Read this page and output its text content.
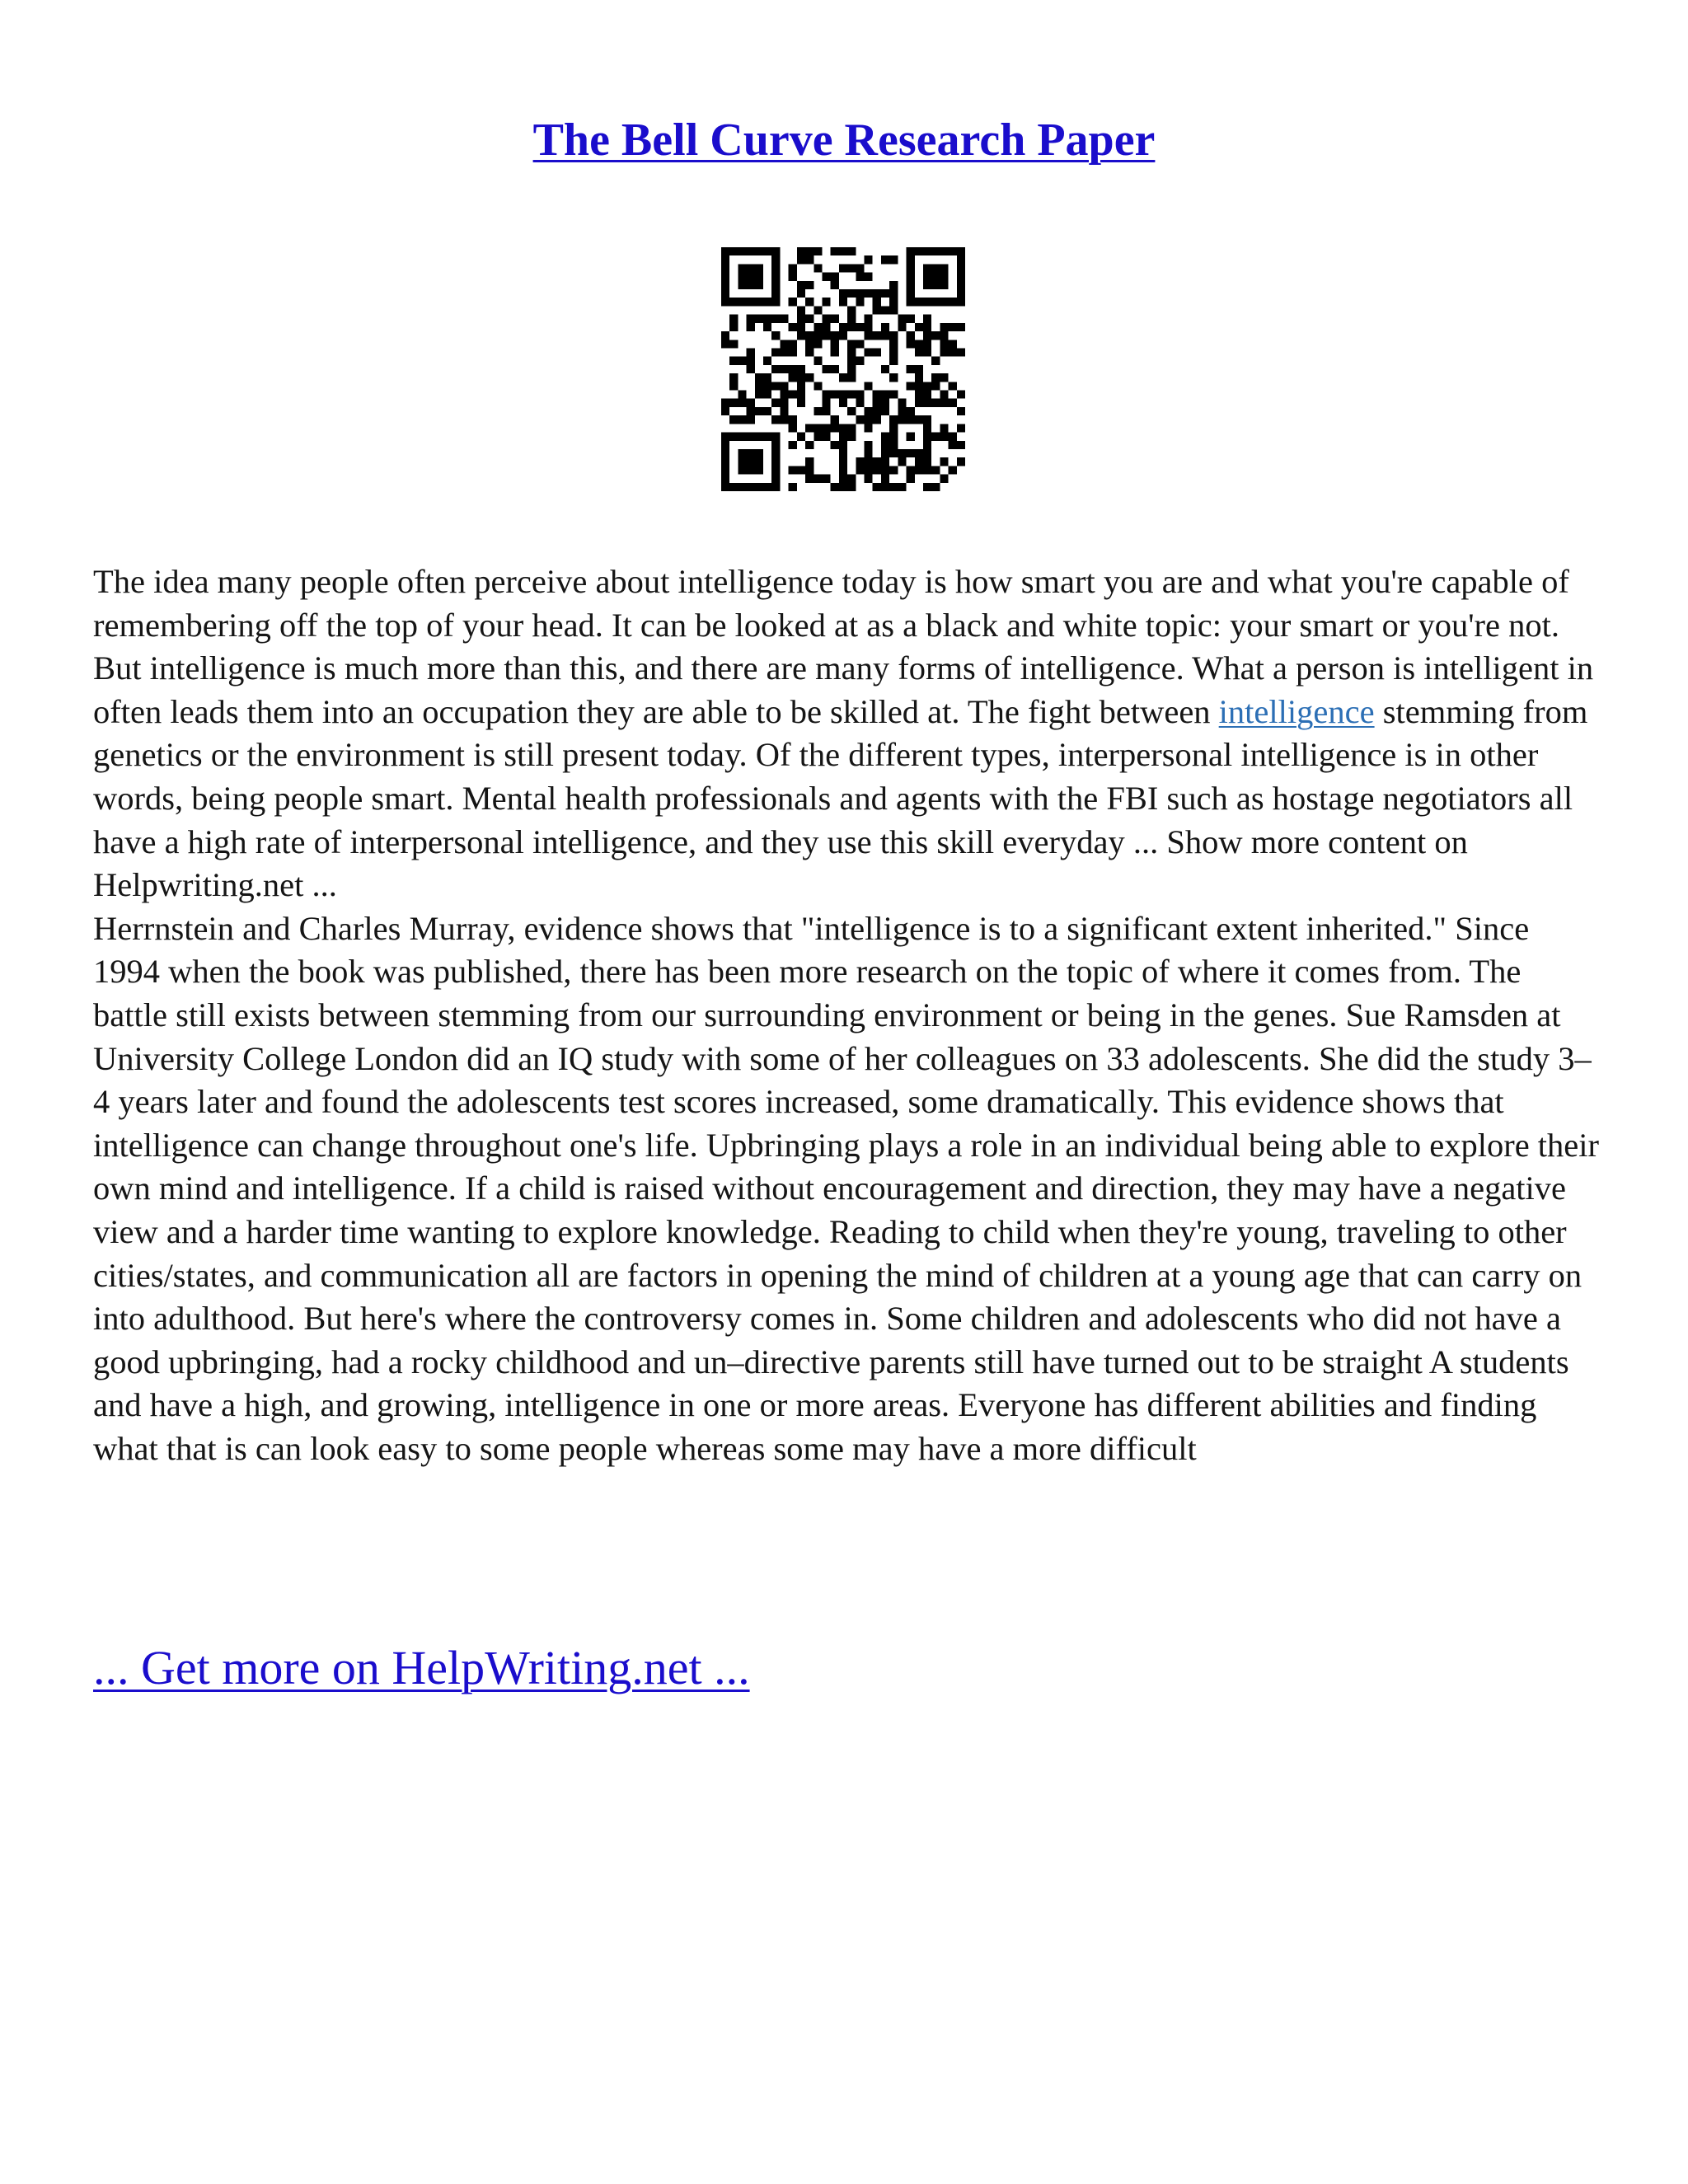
The Bell Curve Research Paper

The idea many people often perceive about intelligence today is how smart you are and what you're capable of remembering off the top of your head. It can be looked at as a black and white topic: your smart or you're not. But intelligence is much more than this, and there are many forms of intelligence. What a person is intelligent in often leads them into an occupation they are able to be skilled at. The fight between intelligence stemming from genetics or the environment is still present today. Of the different types, interpersonal intelligence is in other words, being people smart. Mental health professionals and agents with the FBI such as hostage negotiators all have a high rate of interpersonal intelligence, and they use this skill everyday ... Show more content on Helpwriting.net ...

Herrnstein and Charles Murray, evidence shows that "intelligence is to a significant extent inherited." Since 1994 when the book was published, there has been more research on the topic of where it comes from. The battle still exists between stemming from our surrounding environment or being in the genes. Sue Ramsden at University College London did an IQ study with some of her colleagues on 33 adolescents. She did the study 3–4 years later and found the adolescents test scores increased, some dramatically. This evidence shows that intelligence can change throughout one's life. Upbringing plays a role in an individual being able to explore their own mind and intelligence. If a child is raised without encouragement and direction, they may have a negative view and a harder time wanting to explore knowledge. Reading to child when they're young, traveling to other cities/states, and communication all are factors in opening the mind of children at a young age that can carry on into adulthood. But here's where the controversy comes in. Some children and adolescents who did not have a good upbringing, had a rocky childhood and un–directive parents still have turned out to be straight A students and have a high, and growing, intelligence in one or more areas. Everyone has different abilities and finding what that is can look easy to some people whereas some may have a more difficult

... Get more on HelpWriting.net ...
